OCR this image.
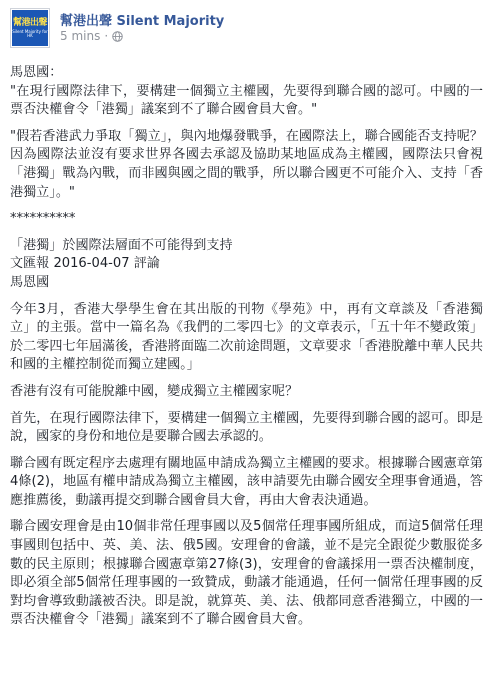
幫港出聲
Silent Majority for HK
幫港出聲 Silent Majority
5 mins ·

馬恩國：

"在現行國際法律下，要構建一個獨立主權國，先要得到聯合國的認可。中國的一票否決權會令「港獨」議案到不了聯合國會員大會。"

"假若香港武力爭取「獨立」，與內地爆發戰爭，在國際法上，聯合國能否支持呢？因為國際法並沒有要求世界各國去承認及協助某地區成為主權國，國際法只會視「港獨」戰為內戰，而非國與國之間的戰爭，所以聯合國更不可能介入、支持「香港獨立」。"

**********

「港獨」於國際法層面不可能得到支持

文匯報 2016-04-07 評論

馬恩國

今年3月，香港大學學生會在其出版的刊物《學苑》中，再有文章談及「香港獨立」的主張。當中一篇名為《我們的二零四七》的文章表示，「五十年不變政策」於二零四七年屆滿後，香港將面臨二次前途問題，文章要求「香港脫離中華人民共和國的主權控制從而獨立建國。」

香港有沒有可能脫離中國，變成獨立主權國家呢？

首先，在現行國際法律下，要構建一個獨立主權國，先要得到聯合國的認可。即是說，國家的身份和地位是要聯合國去承認的。

聯合國有既定程序去處理有關地區申請成為獨立主權國的要求。根據聯合國憲章第4條(2)，地區有權申請成為獨立主權國，該申請要先由聯合國安全理事會通過，答應推薦後，動議再提交到聯合國會員大會，再由大會表決通過。

聯合國安理會是由10個非常任理事國以及5個常任理事國所組成，而這5個常任理事國則包括中、英、美、法、俄5國。安理會的會議，並不是完全跟從少數服從多數的民主原則；根據聯合國憲章第27條(3)，安理會的會議採用一票否決權制度，即必須全部5個常任理事國的一致贊成，動議才能通過，任何一個常任理事國的反對均會導致動議被否決。即是說，就算英、美、法、俄都同意香港獨立，中國的一票否決權會令「港獨」議案到不了聯合國會員大會。
